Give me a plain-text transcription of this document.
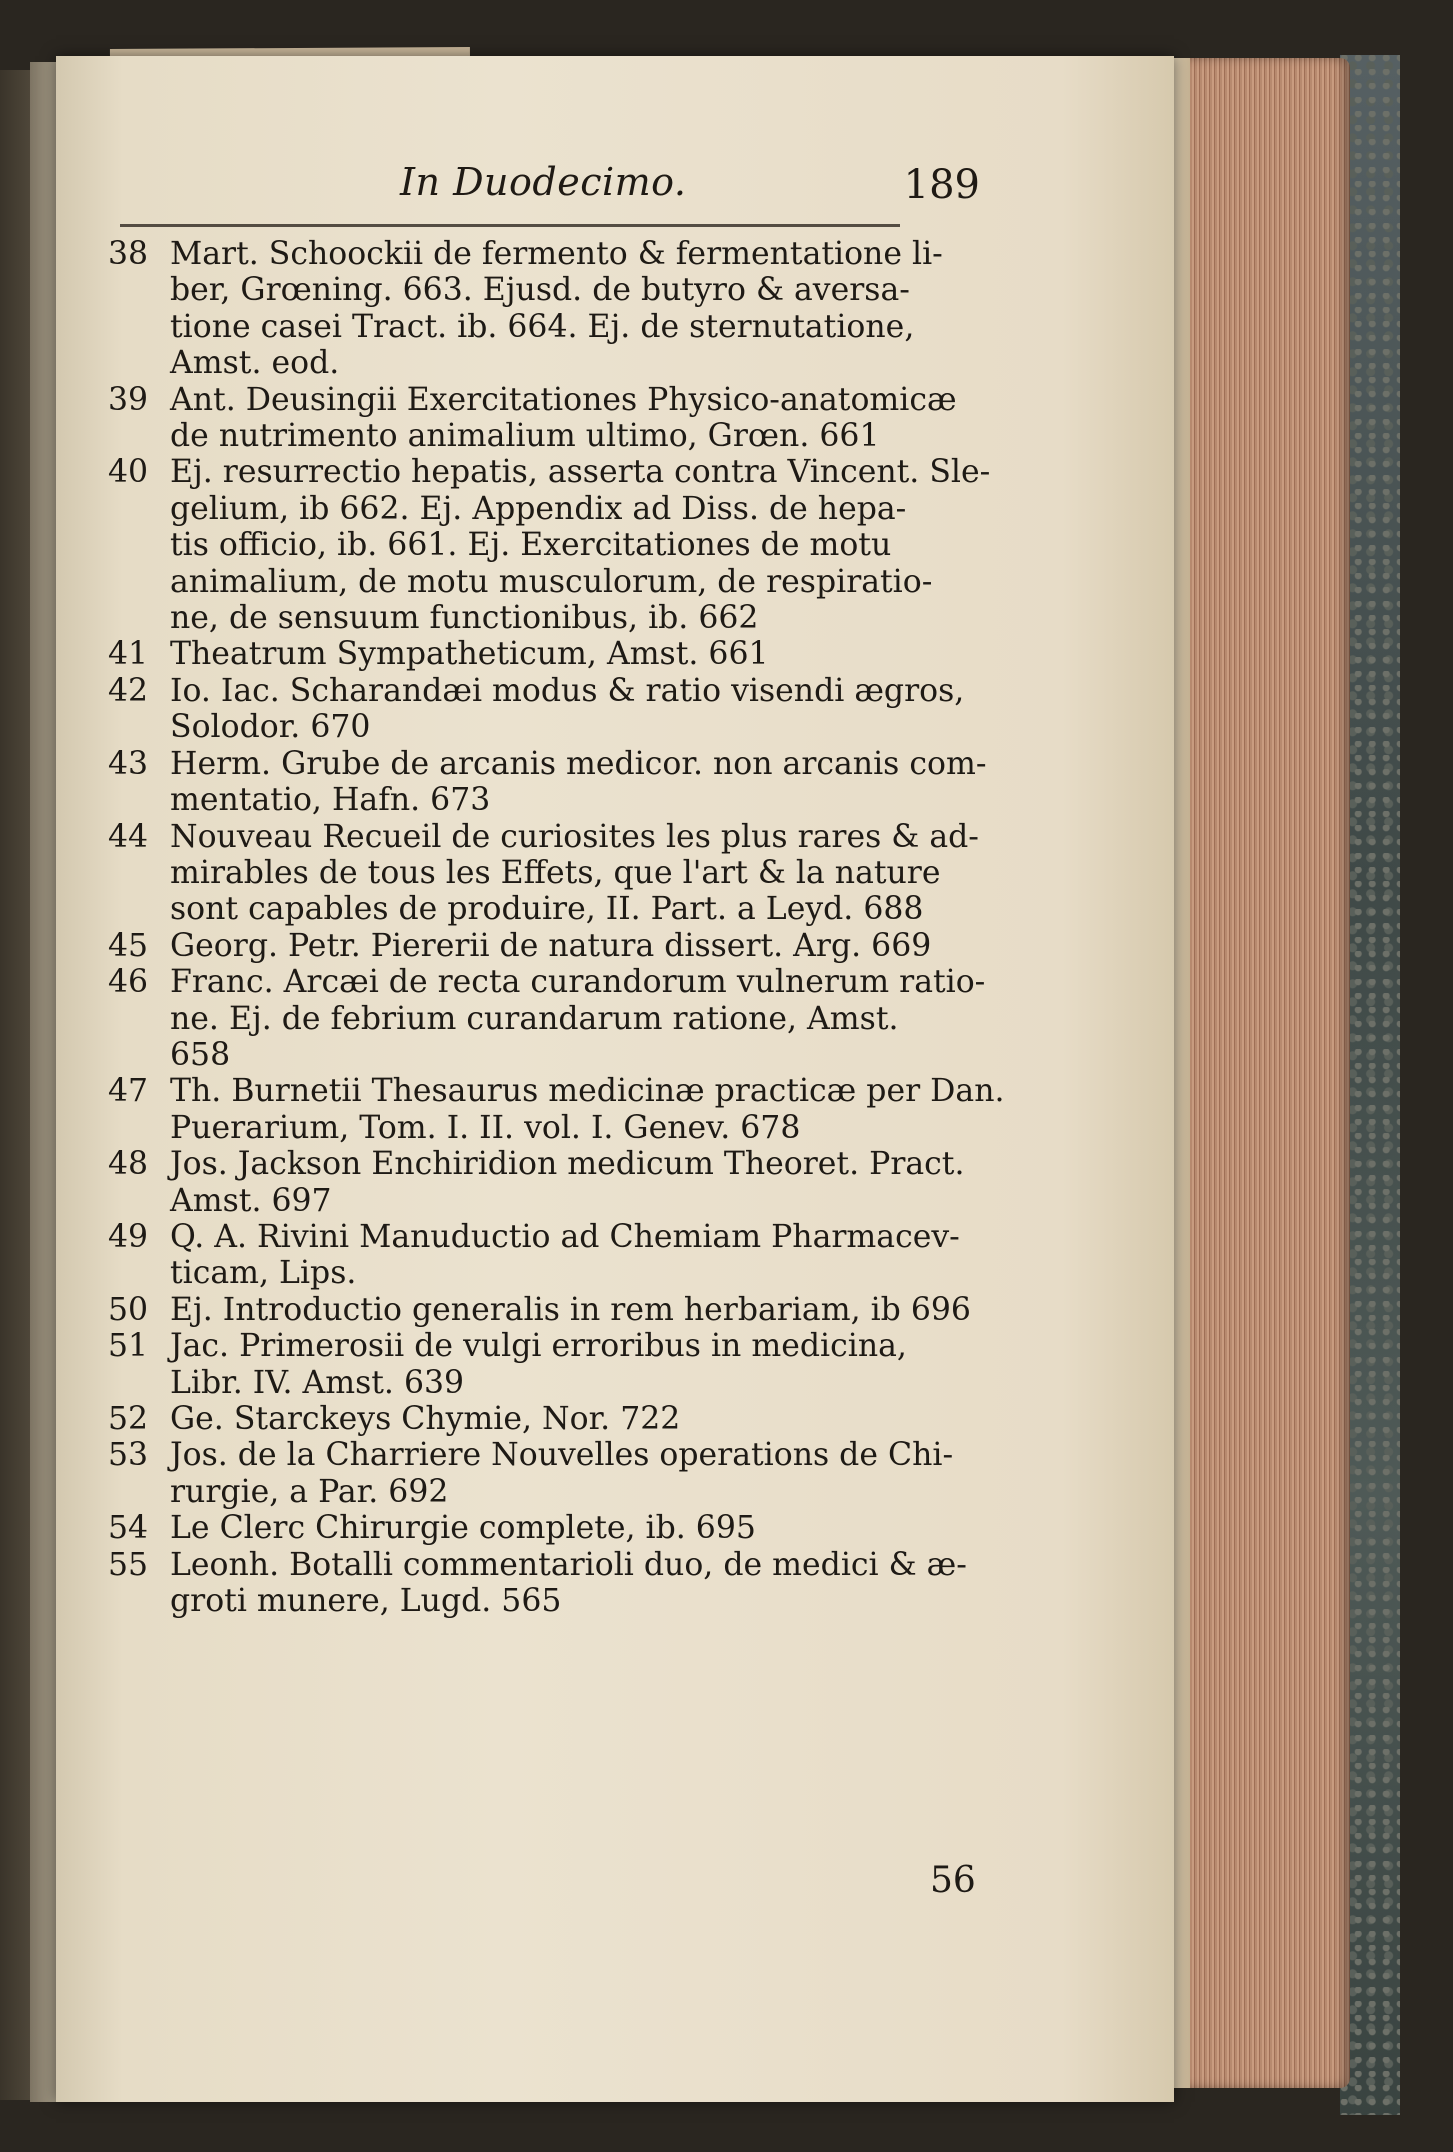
In Duodecimo.	189
38 Mart. Schoockii de fermento & fermentatione li-
ber, Grœning. 663. Ejusd. de butyro & aversa-
tione casei Tract. ib. 664. Ej. de sternutatione,
Amst. eod.
39 Ant. Deusingii Exercitationes Physico-anatomicæ
de nutrimento animalium ultimo, Grœn. 661
40 Ej. resurrectio hepatis, asserta contra Vincent. Sle-
gelium, ib 662. Ej. Appendix ad Diss. de hepa-
tis officio, ib. 661. Ej. Exercitationes de motu
animalium, de motu musculorum, de respiratio-
ne, de sensuum functionibus, ib. 662
41 Theatrum Sympatheticum, Amst. 661
42 Io. Iac. Scharandæi modus & ratio visendi ægros,
Solodor. 670
43 Herm. Grube de arcanis medicor. non arcanis com-
mentatio, Hafn. 673
44 Nouveau Recueil de curiosites les plus rares & ad-
mirables de tous les Effets, que l'art & la nature
sont capables de produire, II. Part. a Leyd. 688
45 Georg. Petr. Piererii de natura dissert. Arg. 669
46 Franc. Arcæi de recta curandorum vulnerum ratio-
ne. Ej. de febrium curandarum ratione, Amst.
658
47 Th. Burnetii Thesaurus medicinæ practicæ per Dan.
Puerarium, Tom. I. II. vol. I. Genev. 678
48 Jos. Jackson Enchiridion medicum Theoret. Pract.
Amst. 697
49 Q. A. Rivini Manuductio ad Chemiam Pharmacev-
ticam, Lips.
50 Ej. Introductio generalis in rem herbariam, ib 696
51 Jac. Primerosii de vulgi erroribus in medicina,
Libr. IV. Amst. 639
52 Ge. Starckeys Chymie, Nor. 722
53 Jos. de la Charriere Nouvelles operations de Chi-
rurgie, a Par. 692
54 Le Clerc Chirurgie complete, ib. 695
55 Leonh. Botalli commentarioli duo, de medici & æ-
groti munere, Lugd. 565
56
